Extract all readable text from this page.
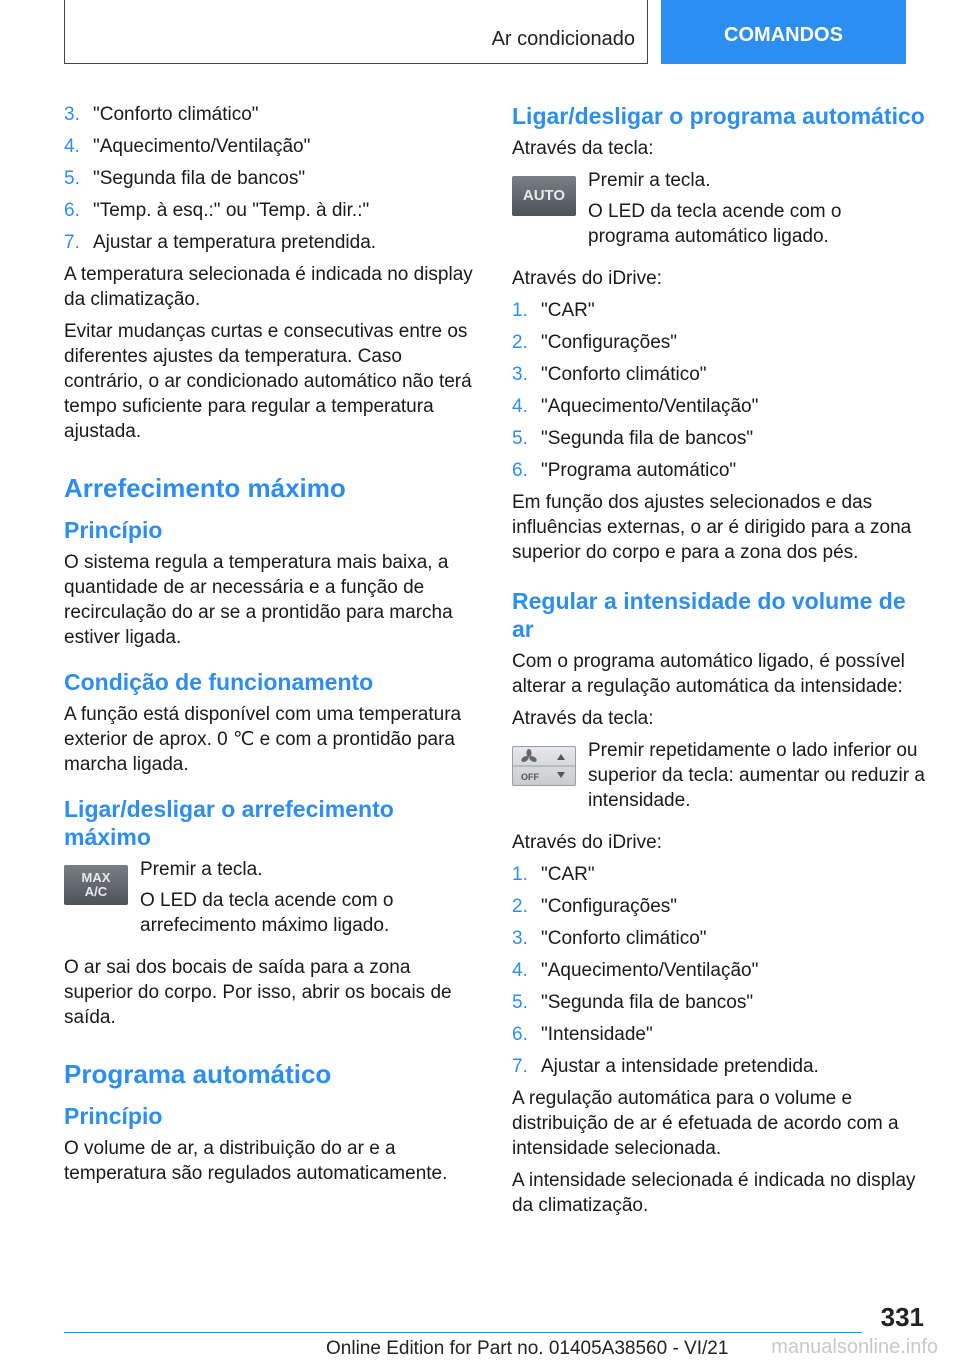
Ar condicionado	COMANDOS
3. "Conforto climático"
4. "Aquecimento/Ventilação"
5. "Segunda fila de bancos"
6. "Temp. à esq.:" ou "Temp. à dir.:"
7. Ajustar a temperatura pretendida.

A temperatura selecionada é indicada no display da climatização.

Evitar mudanças curtas e consecutivas entre os diferentes ajustes da temperatura. Caso contrário, o ar condicionado automático não terá tempo suficiente para regular a temperatura ajustada.

Arrefecimento máximo
Princípio

O sistema regula a temperatura mais baixa, a quantidade de ar necessária e a função de recirculação do ar se a prontidão para marcha estiver ligada.

Condição de funcionamento

A função está disponível com uma temperatura exterior de aprox. 0 ℃ e com a prontidão para marcha ligada.

Ligar/desligar o arrefecimento máximo
MAX
A/C

Premir a tecla.

O LED da tecla acende com o arrefecimento máximo ligado.

O ar sai dos bocais de saída para a zona superior do corpo. Por isso, abrir os bocais de saída.

Programa automático
Princípio

O volume de ar, a distribuição do ar e a temperatura são regulados automaticamente.

Ligar/desligar o programa automático

Através da tecla:

AUTO

Premir a tecla.

O LED da tecla acende com o programa automático ligado.

Através do iDrive:

1. "CAR"
2. "Configurações"
3. "Conforto climático"
4. "Aquecimento/Ventilação"
5. "Segunda fila de bancos"
6. "Programa automático"

Em função dos ajustes selecionados e das influências externas, o ar é dirigido para a zona superior do corpo e para a zona dos pés.

Regular a intensidade do volume de ar

Com o programa automático ligado, é possível alterar a regulação automática da intensidade:

Através da tecla:

OFF

Premir repetidamente o lado inferior ou superior da tecla: aumentar ou reduzir a intensidade.

Através do iDrive:

1. "CAR"
2. "Configurações"
3. "Conforto climático"
4. "Aquecimento/Ventilação"
5. "Segunda fila de bancos"
6. "Intensidade"
7. Ajustar a intensidade pretendida.

A regulação automática para o volume e distribuição de ar é efetuada de acordo com a intensidade selecionada.

A intensidade selecionada é indicada no display da climatização.

331
Online Edition for Part no. 01405A38560 - VI/21 manualsonline.info
